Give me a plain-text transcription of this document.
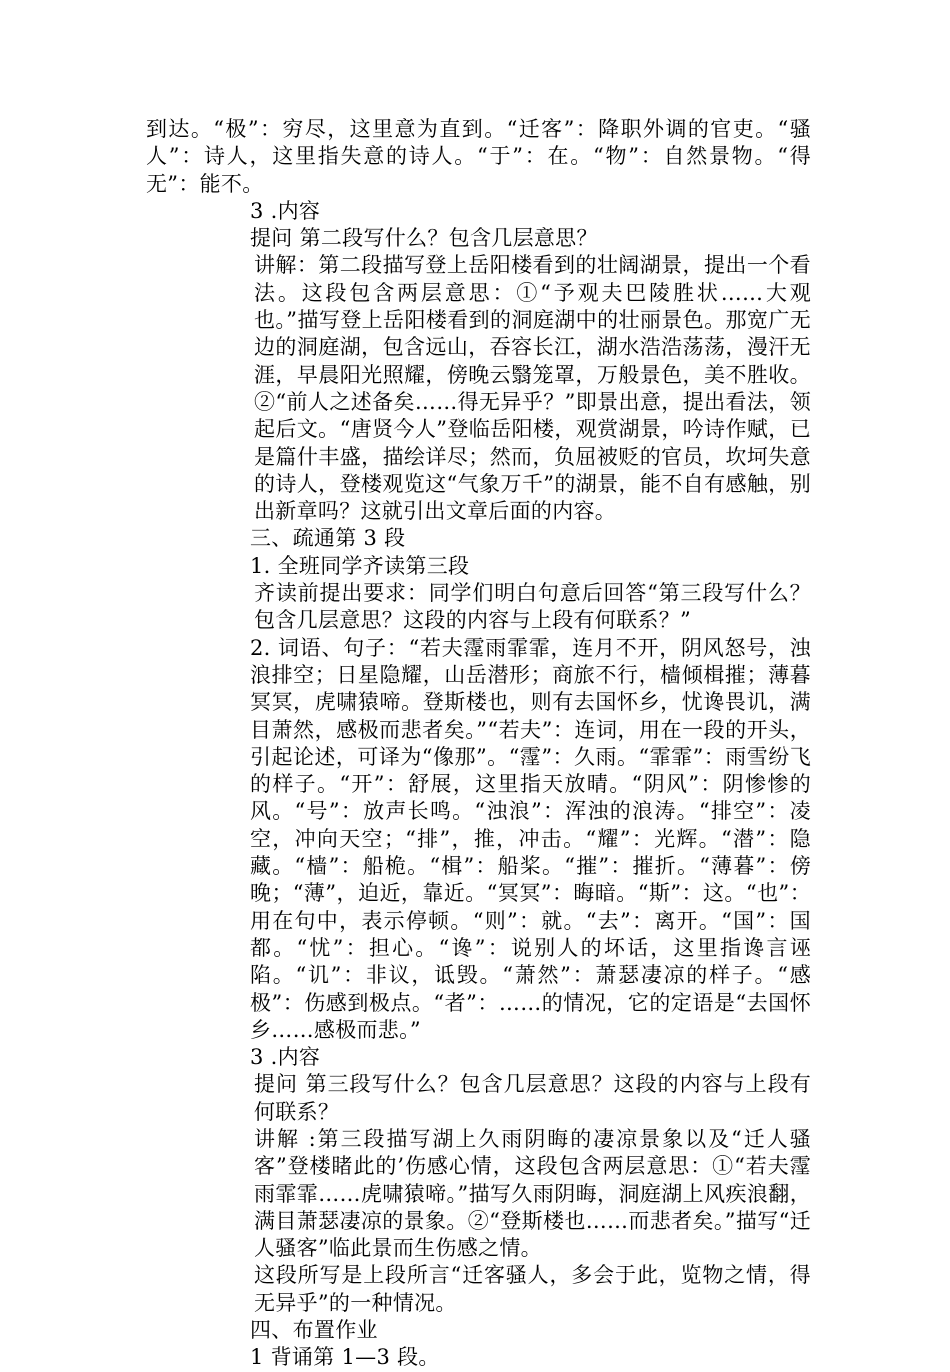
到达。“极”：穷尽，这里意为直到。“迁客”：降职外调的官吏。“骚人”：诗人，这里指失意的诗人。“于”：在。“物”：自然景物。“得无”：能不。

3 .内容

提问 第二段写什么？包含几层意思？

讲解：第二段描写登上岳阳楼看到的壮阔湖景，提出一个看法。这段包含两层意思：①“予观夫巴陵胜状……大观也。”描写登上岳阳楼看到的洞庭湖中的壮丽景色。那宽广无边的洞庭湖，包含远山，吞容长江，湖水浩浩荡荡，漫汗无涯，早晨阳光照耀，傍晚云翳笼罩，万般景色，美不胜收。②“前人之述备矣……得无异乎？”即景出意，提出看法，领起后文。“唐贤今人”登临岳阳楼，观赏湖景，吟诗作赋，已是篇什丰盛，描绘详尽；然而，负屈被贬的官员，坎坷失意的诗人，登楼观览这“气象万千”的湖景，能不自有感触，别出新章吗？这就引出文章后面的内容。

三、疏通第 3 段

1. 全班同学齐读第三段

齐读前提出要求：同学们明白句意后回答“第三段写什么？包含几层意思？这段的内容与上段有何联系？”

2. 词语、句子：“若夫霪雨霏霏，连月不开，阴风怒号，浊浪排空；日星隐耀，山岳潜形；商旅不行，樯倾楫摧；薄暮冥冥，虎啸猿啼。登斯楼也，则有去国怀乡，忧谗畏讥，满目萧然，感极而悲者矣。”“若夫”：连词，用在一段的开头，引起论述，可译为“像那”。“霪”：久雨。“霏霏”：雨雪纷飞的样子。“开”：舒展，这里指天放晴。“阴风”：阴惨惨的风。“号”：放声长鸣。“浊浪”：浑浊的浪涛。“排空”：凌空，冲向天空；“排”，推，冲击。“耀”：光辉。“潜”：隐藏。“樯”：船桅。“楫”：船桨。“摧”：摧折。“薄暮”：傍晚；“薄”，迫近，靠近。“冥冥”：晦暗。“斯”：这。“也”：用在句中，表示停顿。“则”：就。“去”：离开。“国”：国都。“忧”：担心。“谗”：说别人的坏话，这里指谗言诬陷。“讥”：非议，诋毁。“萧然”：萧瑟凄凉的样子。“感极”：伤感到极点。“者”：……的情况，它的定语是“去国怀乡……感极而悲。”

3 .内容

提问 第三段写什么？包含几层意思？这段的内容与上段有何联系？

讲解 :第三段描写湖上久雨阴晦的凄凉景象以及“迁人骚客”登楼睹此的’伤感心情，这段包含两层意思：①“若夫霪雨霏霏……虎啸猿啼。”描写久雨阴晦，洞庭湖上风疾浪翻，满目萧瑟凄凉的景象。②“登斯楼也……而悲者矣。”描写“迁人骚客”临此景而生伤感之情。

这段所写是上段所言“迁客骚人，多会于此，览物之情，得无异乎”的一种情况。

四、布置作业

1 背诵第 1—3 段。
